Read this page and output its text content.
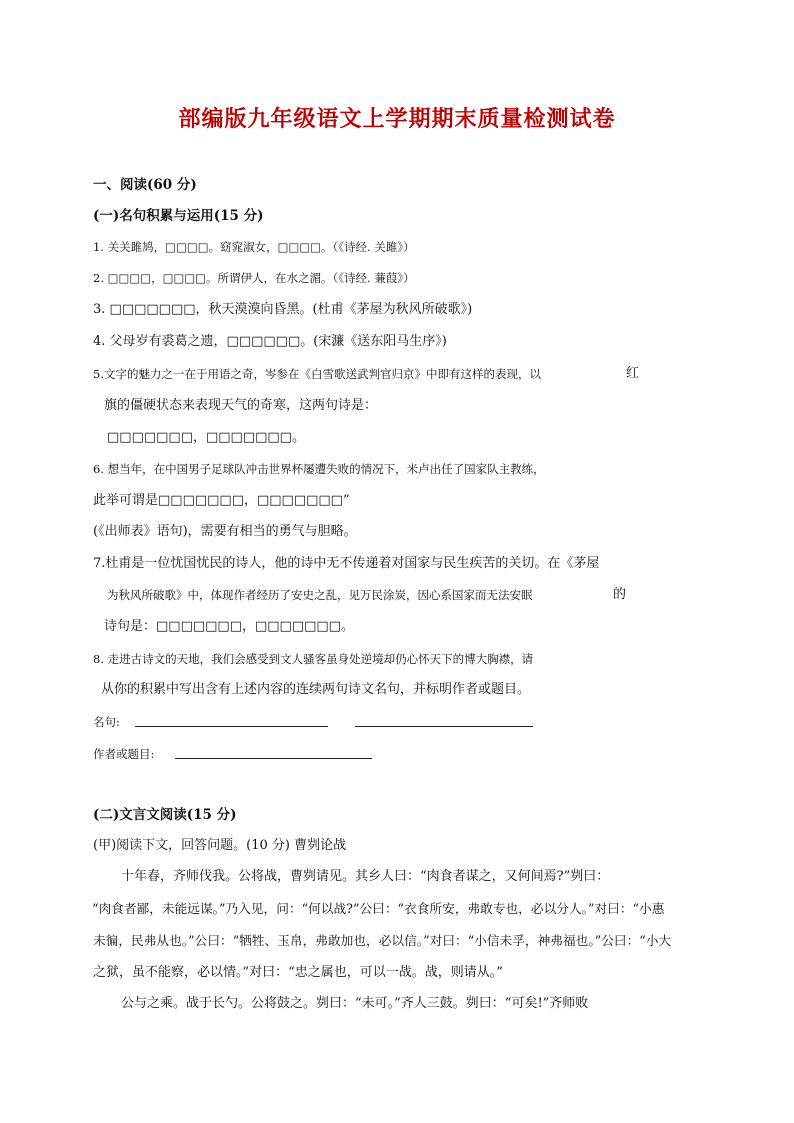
部编版九年级语文上学期期末质量检测试卷
一、阅读(60 分)
(一)名句积累与运用(15 分)
1. 关关雎鸠，□□□□。窈窕淑女，□□□□。（《诗经. 关雎》）
2. □□□□，□□□□。所谓伊人，在水之湄。（《诗经. 蒹葭》）
3. □□□□□□□，秋天漠漠向昏黑。(杜甫《茅屋为秋风所破歌》)
4. 父母岁有裘葛之遗，□□□□□□。(宋濂《送东阳马生序》)
5.文字的魅力之一在于用语之奇，岑参在《白雪歌送武判官归京》中即有这样的表现，以	红
旗的僵硬状态来表现天气的奇寒，这两句诗是：
□□□□□□□，□□□□□□□。
6. 想当年，在中国男子足球队冲击世界杯屡遭失败的情况下，米卢出任了国家队主教练，
此举可谓是□□□□□□□，□□□□□□□”
(《出师表》语句)，需要有相当的勇气与胆略。
7.杜甫是一位忧国忧民的诗人，他的诗中无不传递着对国家与民生疾苦的关切。在《茅屋
为秋风所破歌》中，体现作者经历了安史之乱，见万民涂炭，因心系国家而无法安眠	的
诗句是：□□□□□□□，□□□□□□□。
8. 走进古诗文的天地，我们会感受到文人骚客虽身处逆境却仍心怀天下的博大胸襟，请
从你的积累中写出含有上述内容的连续两句诗文名句，并标明作者或题目。
名句:
作者或题目:
(二)文言文阅读(15 分)
(甲)阅读下文，回答问题。(10 分) 曹刿论战
十年春，齐师伐我。公将战，曹刿请见。其乡人曰：“肉食者谋之，又何间焉?”刿曰：
“肉食者鄙，未能远谋。”乃入见，问：“何以战?”公曰：“衣食所安，弗敢专也，必以分人。”对曰：“小惠
未徧，民弗从也。”公曰：“牺牲、玉帛，弗敢加也，必以信。”对曰：“小信未孚，神弗福也。”公曰：“小大
之狱，虽不能察，必以情。”对曰：“忠之属也，可以一战。战，则请从。”
公与之乘。战于长勺。公将鼓之。刿曰：“未可。”齐人三鼓。刿曰：“可矣!”齐师败
